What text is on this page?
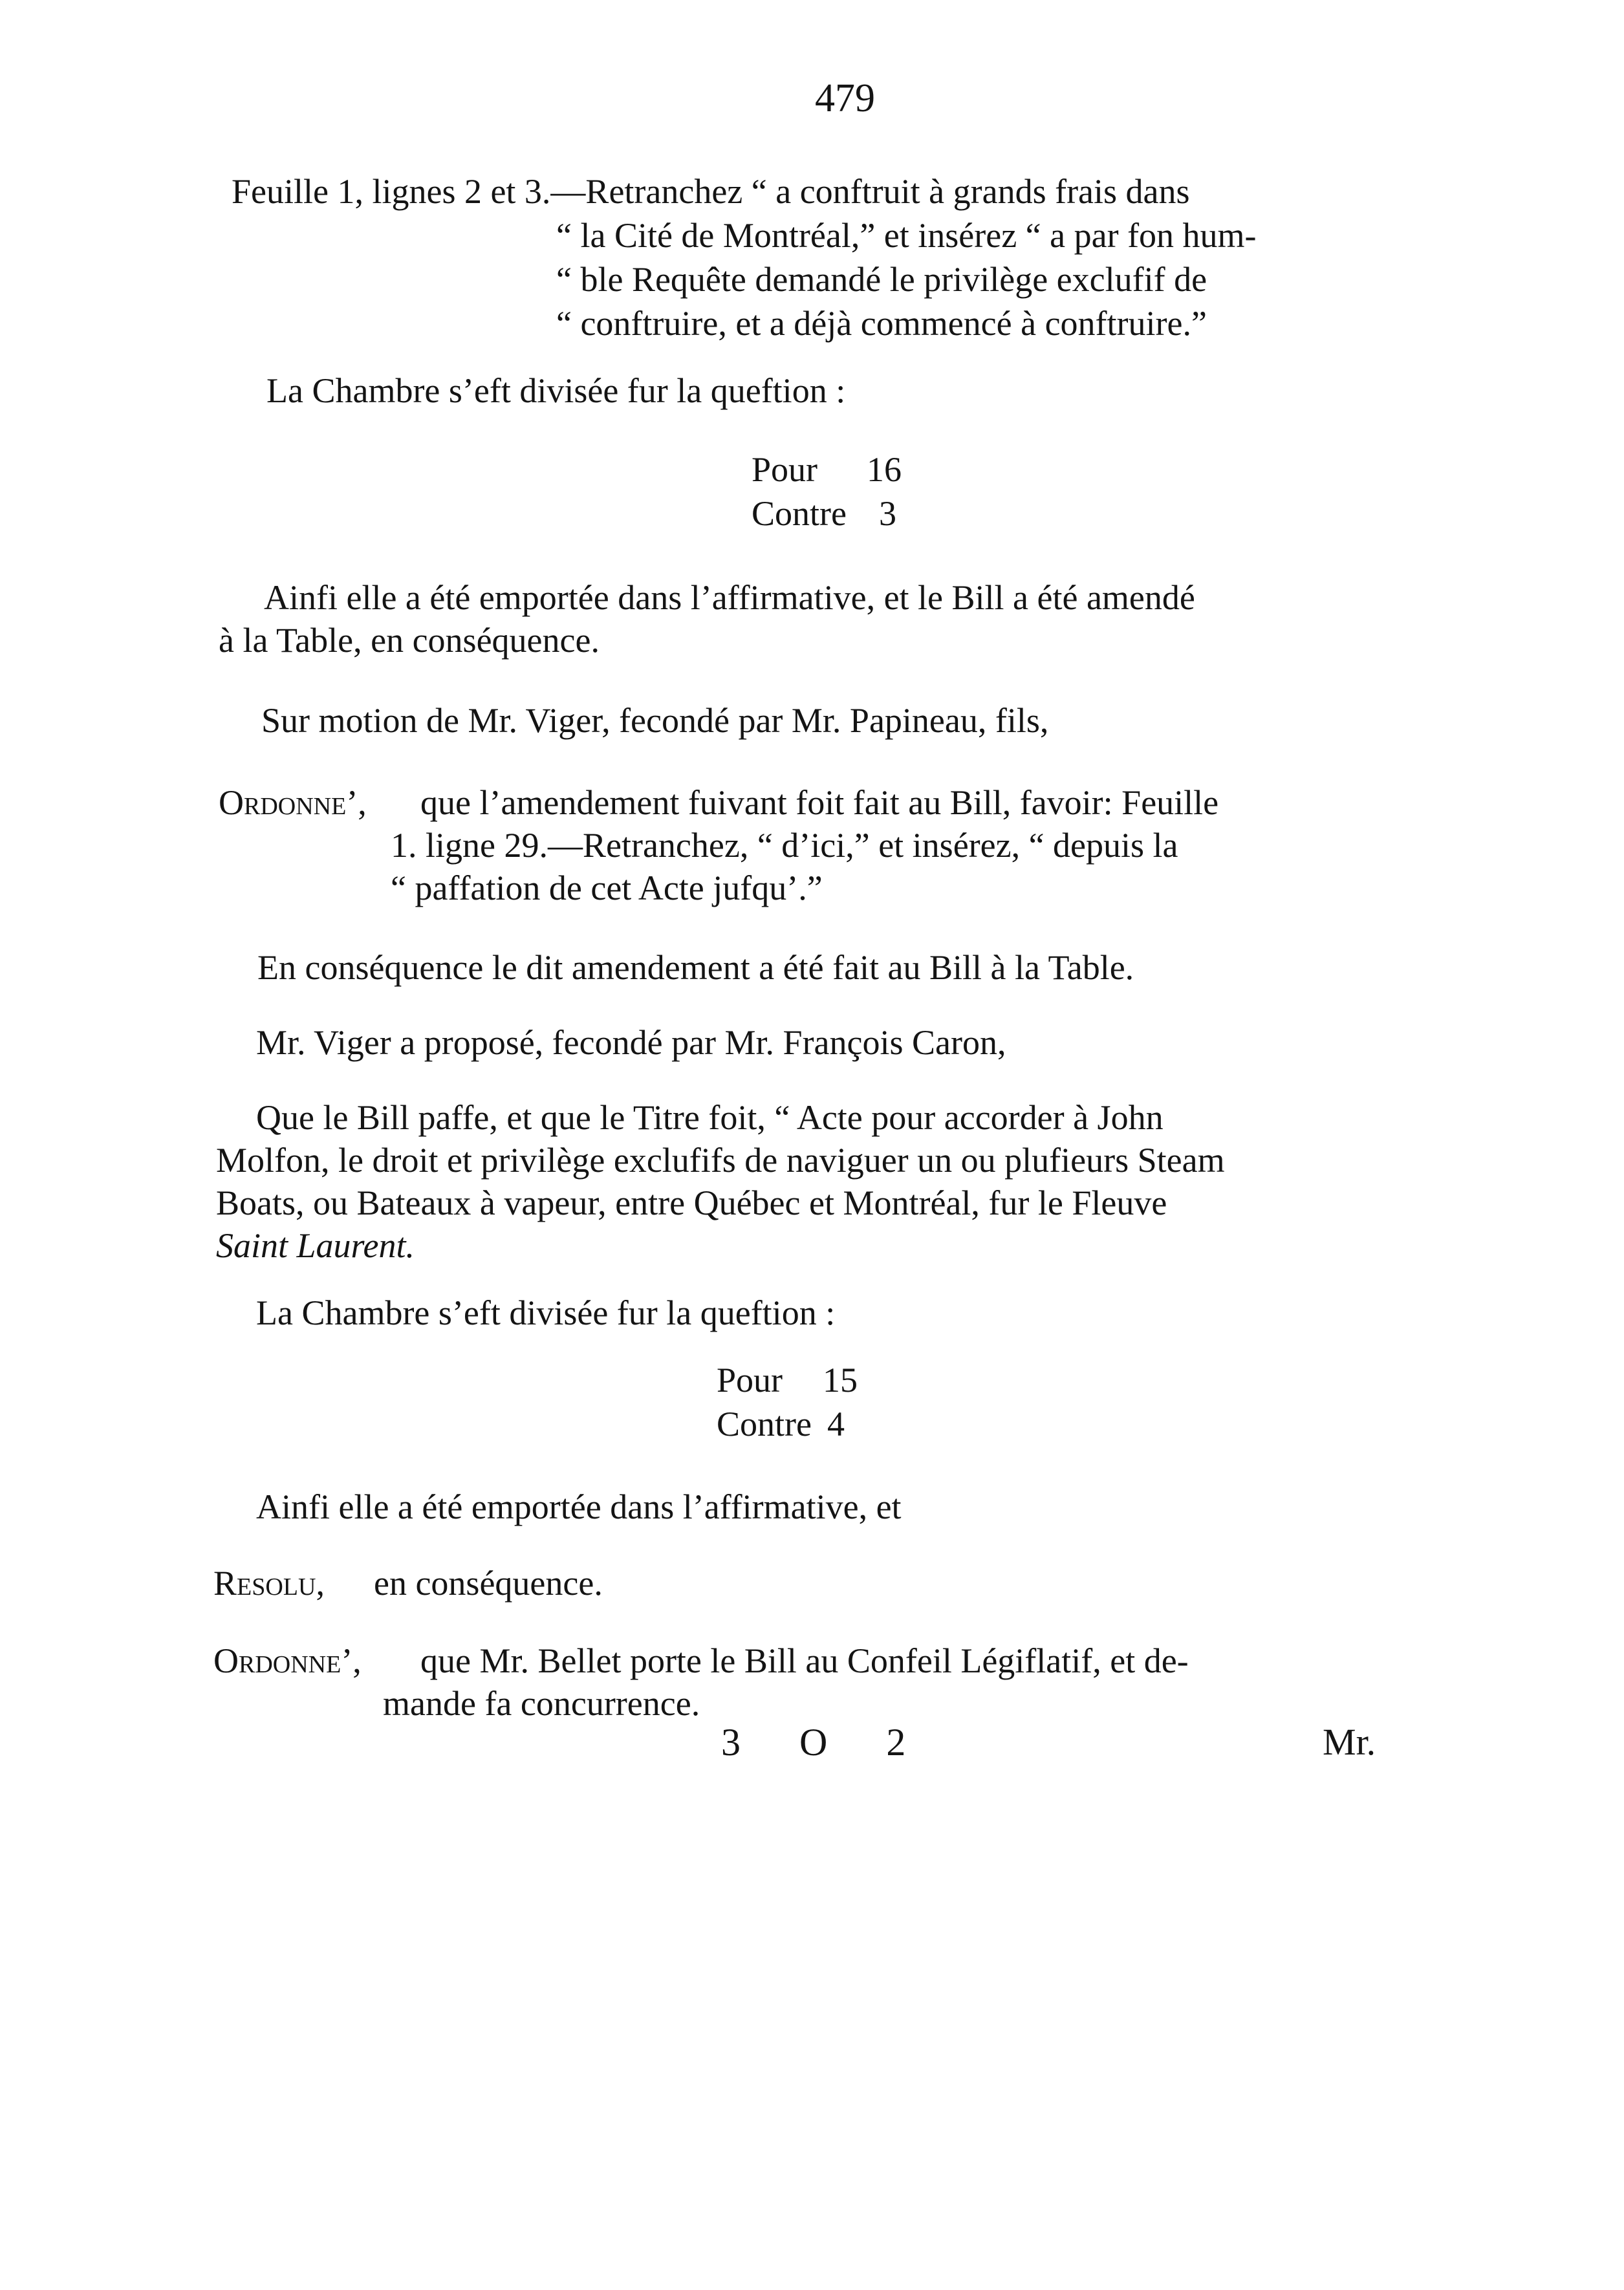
479
Feuille 1, lignes 2 et 3.—Retranchez “ a conftruit à grands frais dans
“ la Cité de Montréal,” et insérez “ a par fon hum-
“ ble Requête demandé le privilège exclufif de
“ conftruire, et a déjà commencé à conftruire.”
La Chambre s’eft divisée fur la queftion :
Pour 16
Contre 3
Ainfi elle a été emportée dans l’affirmative, et le Bill a été amendé
à la Table, en conséquence.
Sur motion de Mr. Viger, fecondé par Mr. Papineau, fils,
Ordonne’, que l’amendement fuivant foit fait au Bill, favoir: Feuille
1. ligne 29.—Retranchez, “ d’ici,” et insérez, “ depuis la
“ paffation de cet Acte jufqu’.”
En conséquence le dit amendement a été fait au Bill à la Table.
Mr. Viger a proposé, fecondé par Mr. François Caron,
Que le Bill paffe, et que le Titre foit, “ Acte pour accorder à John
Molfon, le droit et privilège exclufifs de naviguer un ou plufieurs Steam
Boats, ou Bateaux à vapeur, entre Québec et Montréal, fur le Fleuve
Saint Laurent.
La Chambre s’eft divisée fur la queftion :
Pour 15
Contre 4
Ainfi elle a été emportée dans l’affirmative, et
Resolu, en conséquence.
Ordonne’, que Mr. Bellet porte le Bill au Confeil Légiflatif, et de-
mande fa concurrence.
3 O 2	Mr.
